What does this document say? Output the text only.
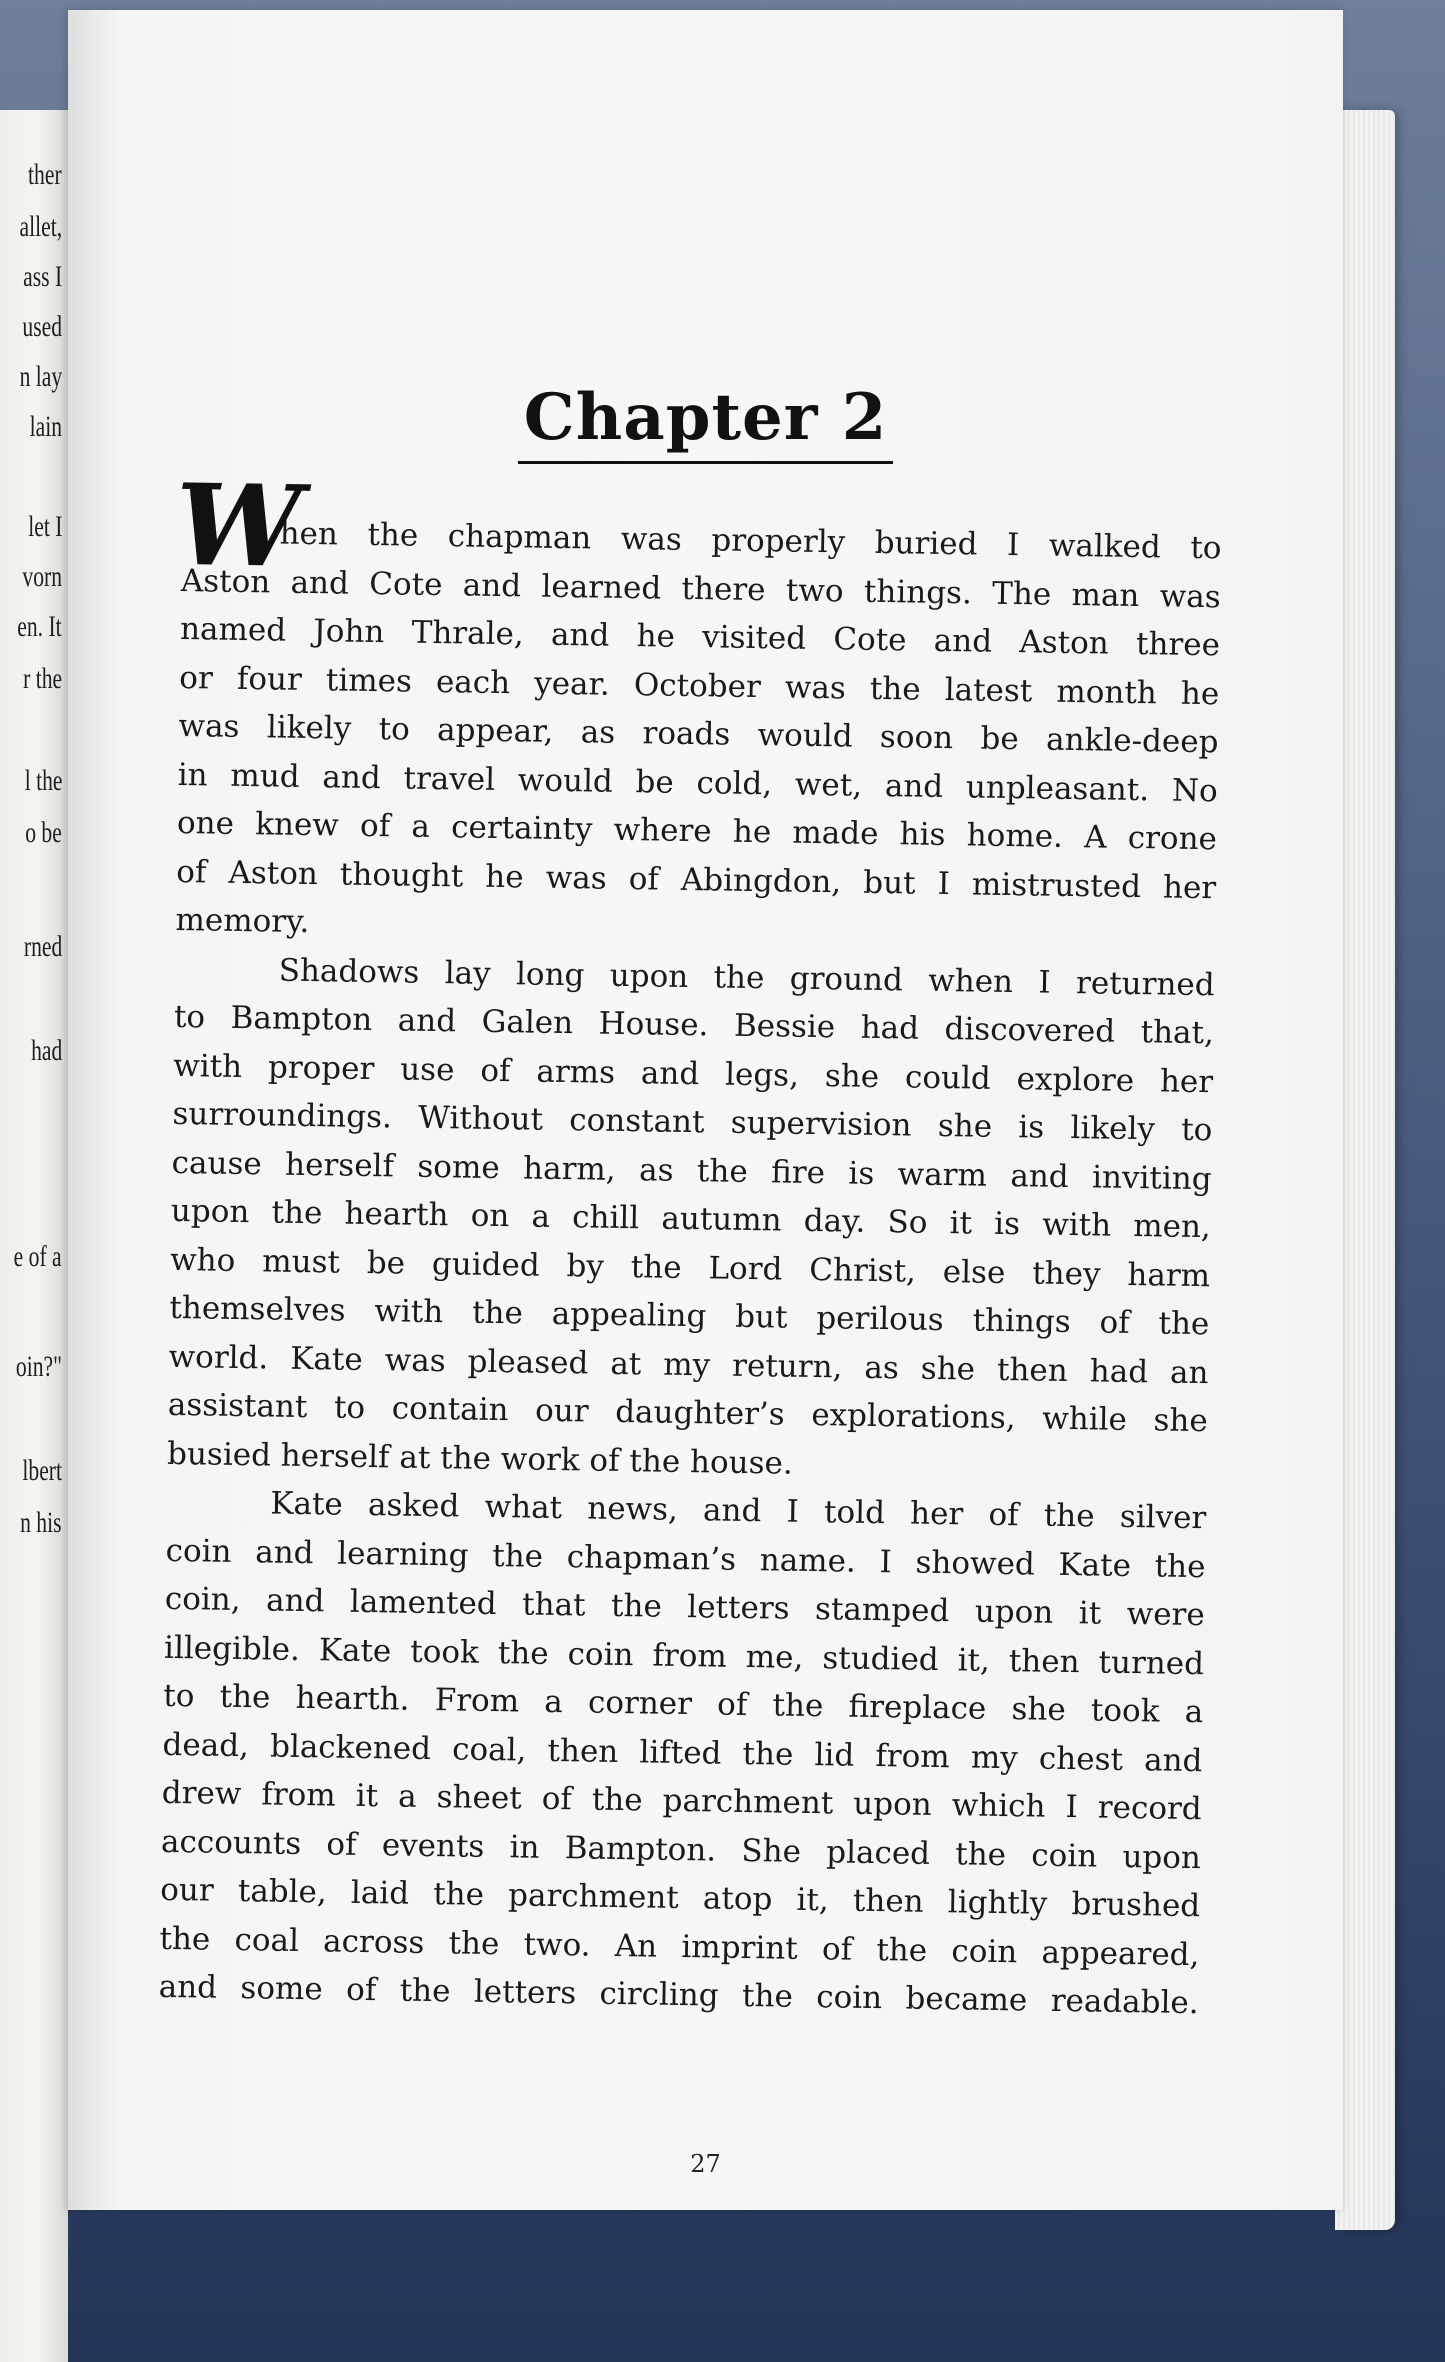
ther
allet,
ass I
used
n lay
lain
let I
vorn
en. It
r the
l the
o be
rned
had
e of a
oin?"
lbert
n his
Chapter 2
W
hen the chapman was properly buried I walked to
Aston and Cote and learned there two things. The man was
named John Thrale, and he visited Cote and Aston three
or four times each year. October was the latest month he
was likely to appear, as roads would soon be ankle-deep
in mud and travel would be cold, wet, and unpleasant. No
one knew of a certainty where he made his home. A crone
of Aston thought he was of Abingdon, but I mistrusted her
memory.
Shadows lay long upon the ground when I returned
to Bampton and Galen House. Bessie had discovered that,
with proper use of arms and legs, she could explore her
surroundings. Without constant supervision she is likely to
cause herself some harm, as the fire is warm and inviting
upon the hearth on a chill autumn day. So it is with men,
who must be guided by the Lord Christ, else they harm
themselves with the appealing but perilous things of the
world. Kate was pleased at my return, as she then had an
assistant to contain our daughter’s explorations, while she
busied herself at the work of the house.
Kate asked what news, and I told her of the silver
coin and learning the chapman’s name. I showed Kate the
coin, and lamented that the letters stamped upon it were
illegible. Kate took the coin from me, studied it, then turned
to the hearth. From a corner of the fireplace she took a
dead, blackened coal, then lifted the lid from my chest and
drew from it a sheet of the parchment upon which I record
accounts of events in Bampton. She placed the coin upon
our table, laid the parchment atop it, then lightly brushed
the coal across the two. An imprint of the coin appeared,
and some of the letters circling the coin became readable.
27
